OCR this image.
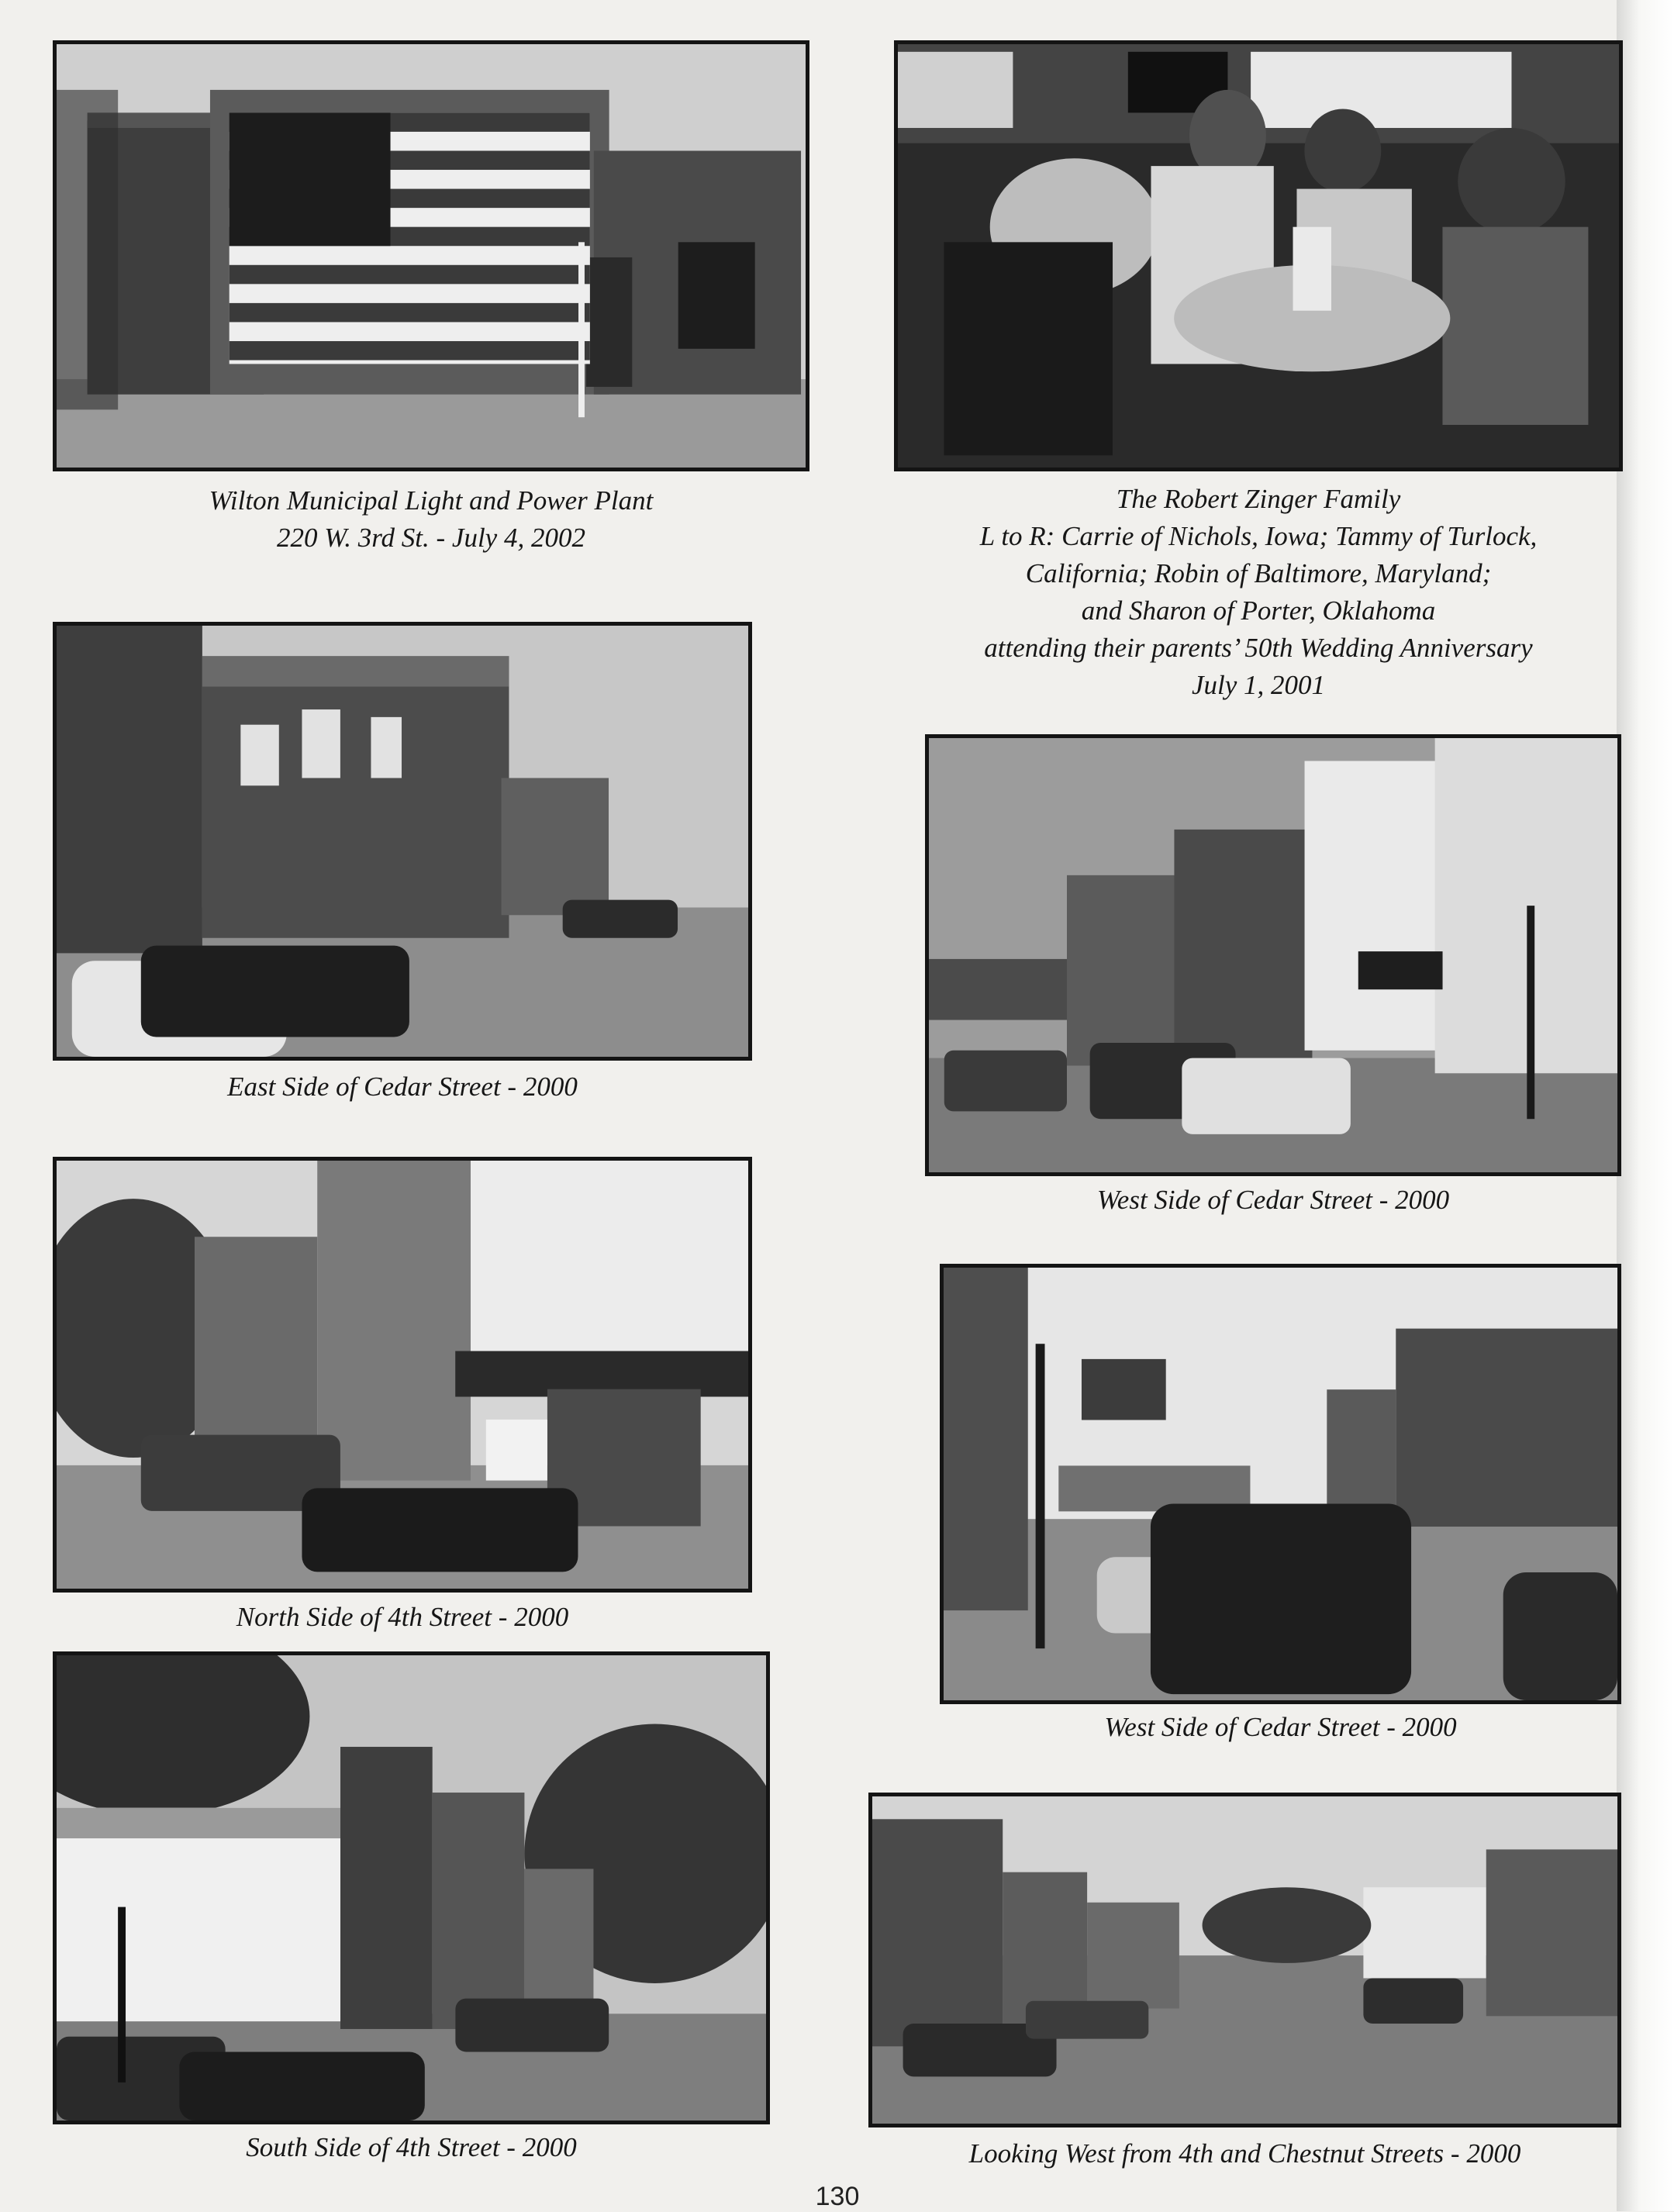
Wilton Municipal Light and Power Plant
220 W. 3rd St. - July 4, 2002
The Robert Zinger Family
L to R: Carrie of Nichols, Iowa; Tammy of Turlock,
California; Robin of Baltimore, Maryland;
and Sharon of Porter, Oklahoma
attending their parents’ 50th Wedding Anniversary
July 1, 2001
East Side of Cedar Street - 2000
West Side of Cedar Street - 2000
North Side of 4th Street - 2000
West Side of Cedar Street - 2000
South Side of 4th Street - 2000	Looking West from 4th and Chestnut Streets - 2000
130
